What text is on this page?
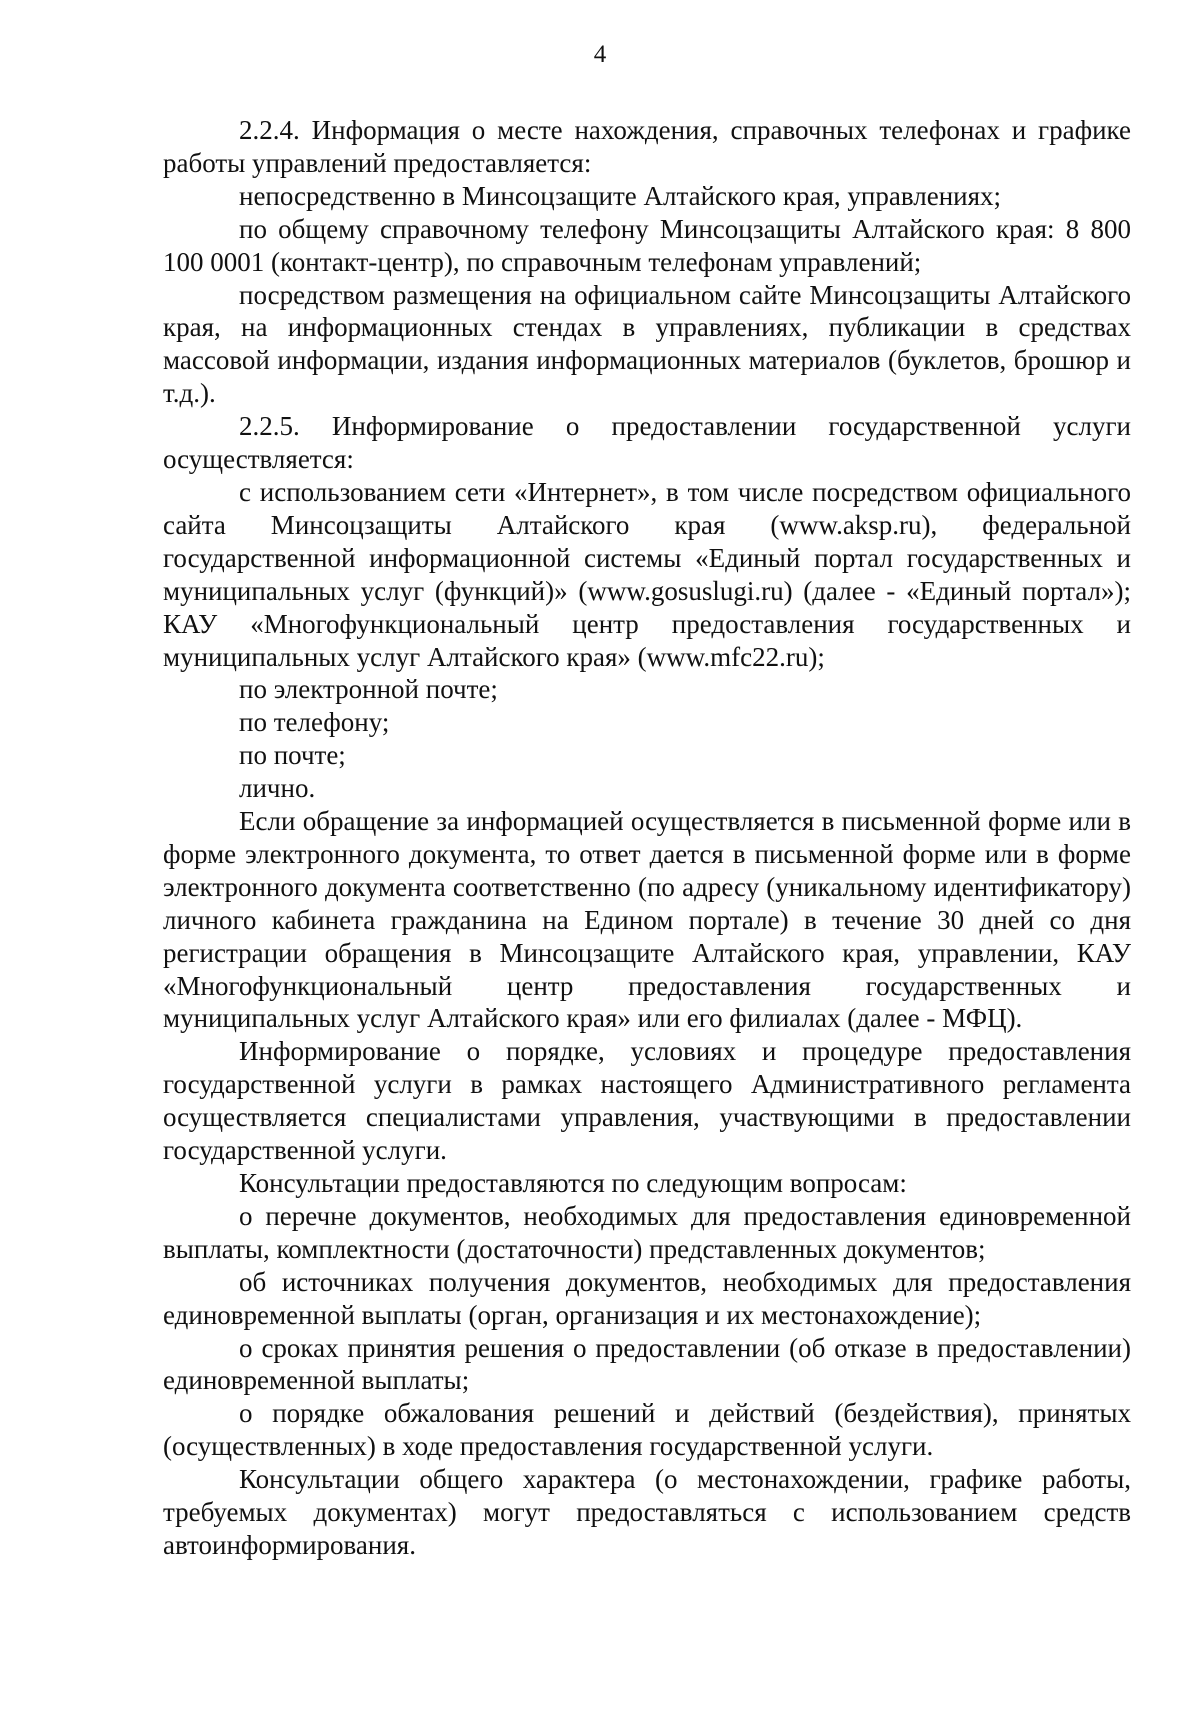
4

2.2.4. Информация о месте нахождения, справочных телефонах и графике работы управлений предоставляется:

непосредственно в Минсоцзащите Алтайского края, управлениях;

по общему справочному телефону Минсоцзащиты Алтайского края: 8 800 100 0001 (контакт-центр), по справочным телефонам управлений;

посредством размещения на официальном сайте Минсоцзащиты Алтайского края, на информационных стендах в управлениях, публикации в средствах массовой информации, издания информационных материалов (буклетов, брошюр и т.д.).

2.2.5. Информирование о предоставлении государственной услуги осуществляется:

с использованием сети «Интернет», в том числе посредством официального сайта Минсоцзащиты Алтайского края (www.aksp.ru), федеральной государственной информационной системы «Единый портал государственных и муниципальных услуг (функций)» (www.gosuslugi.ru) (далее - «Единый портал»); КАУ «Многофункциональный центр предоставления государственных и муниципальных услуг Алтайского края» (www.mfc22.ru);

по электронной почте;

по телефону;

по почте;

лично.

Если обращение за информацией осуществляется в письменной форме или в форме электронного документа, то ответ дается в письменной форме или в форме электронного документа соответственно (по адресу (уникальному идентификатору) личного кабинета гражданина на Едином портале) в течение 30 дней со дня регистрации обращения в Минсоцзащите Алтайского края, управлении, КАУ «Многофункциональный центр предоставления государственных и муниципальных услуг Алтайского края» или его филиалах (далее - МФЦ).

Информирование о порядке, условиях и процедуре предоставления государственной услуги в рамках настоящего Административного регламента осуществляется специалистами управления, участвующими в предоставлении государственной услуги.

Консультации предоставляются по следующим вопросам:

о перечне документов, необходимых для предоставления единовременной выплаты, комплектности (достаточности) представленных документов;

об источниках получения документов, необходимых для предоставления единовременной выплаты (орган, организация и их местонахождение);

о сроках принятия решения о предоставлении (об отказе в предоставлении) единовременной выплаты;

о порядке обжалования решений и действий (бездействия), принятых (осуществленных) в ходе предоставления государственной услуги.

Консультации общего характера (о местонахождении, графике работы, требуемых документах) могут предоставляться с использованием средств автоинформирования.
